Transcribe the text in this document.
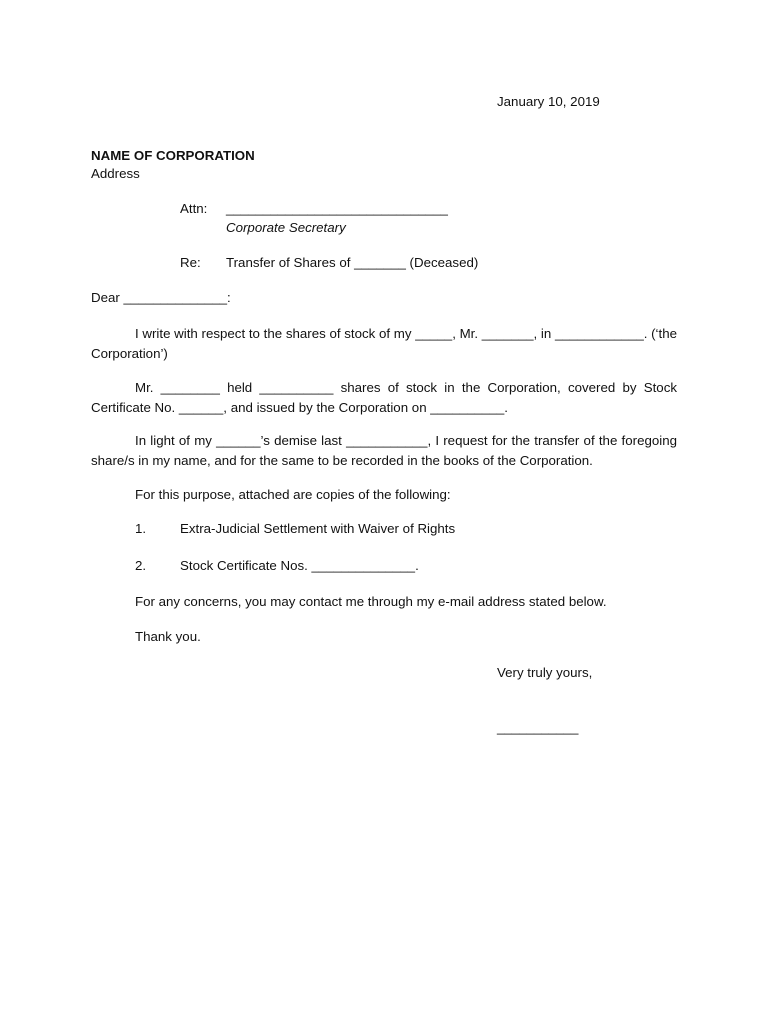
January 10, 2019
NAME OF CORPORATION
Address
Attn: ______________________________
Corporate Secretary
Re: Transfer of Shares of _______ (Deceased)
Dear ______________:
I write with respect to the shares of stock of my _____, Mr. _______, in ____________. (‘the Corporation’)
Mr. ________ held __________ shares of stock in the Corporation, covered by Stock Certificate No. ______, and issued by the Corporation on __________.
In light of my ______’s demise last ___________, I request for the transfer of the foregoing share/s in my name, and for the same to be recorded in the books of the Corporation.
For this purpose, attached are copies of the following:
1.	Extra-Judicial Settlement with Waiver of Rights
2.	Stock Certificate Nos. ______________.
For any concerns, you may contact me through my e-mail address stated below.
Thank you.
Very truly yours,
___________
